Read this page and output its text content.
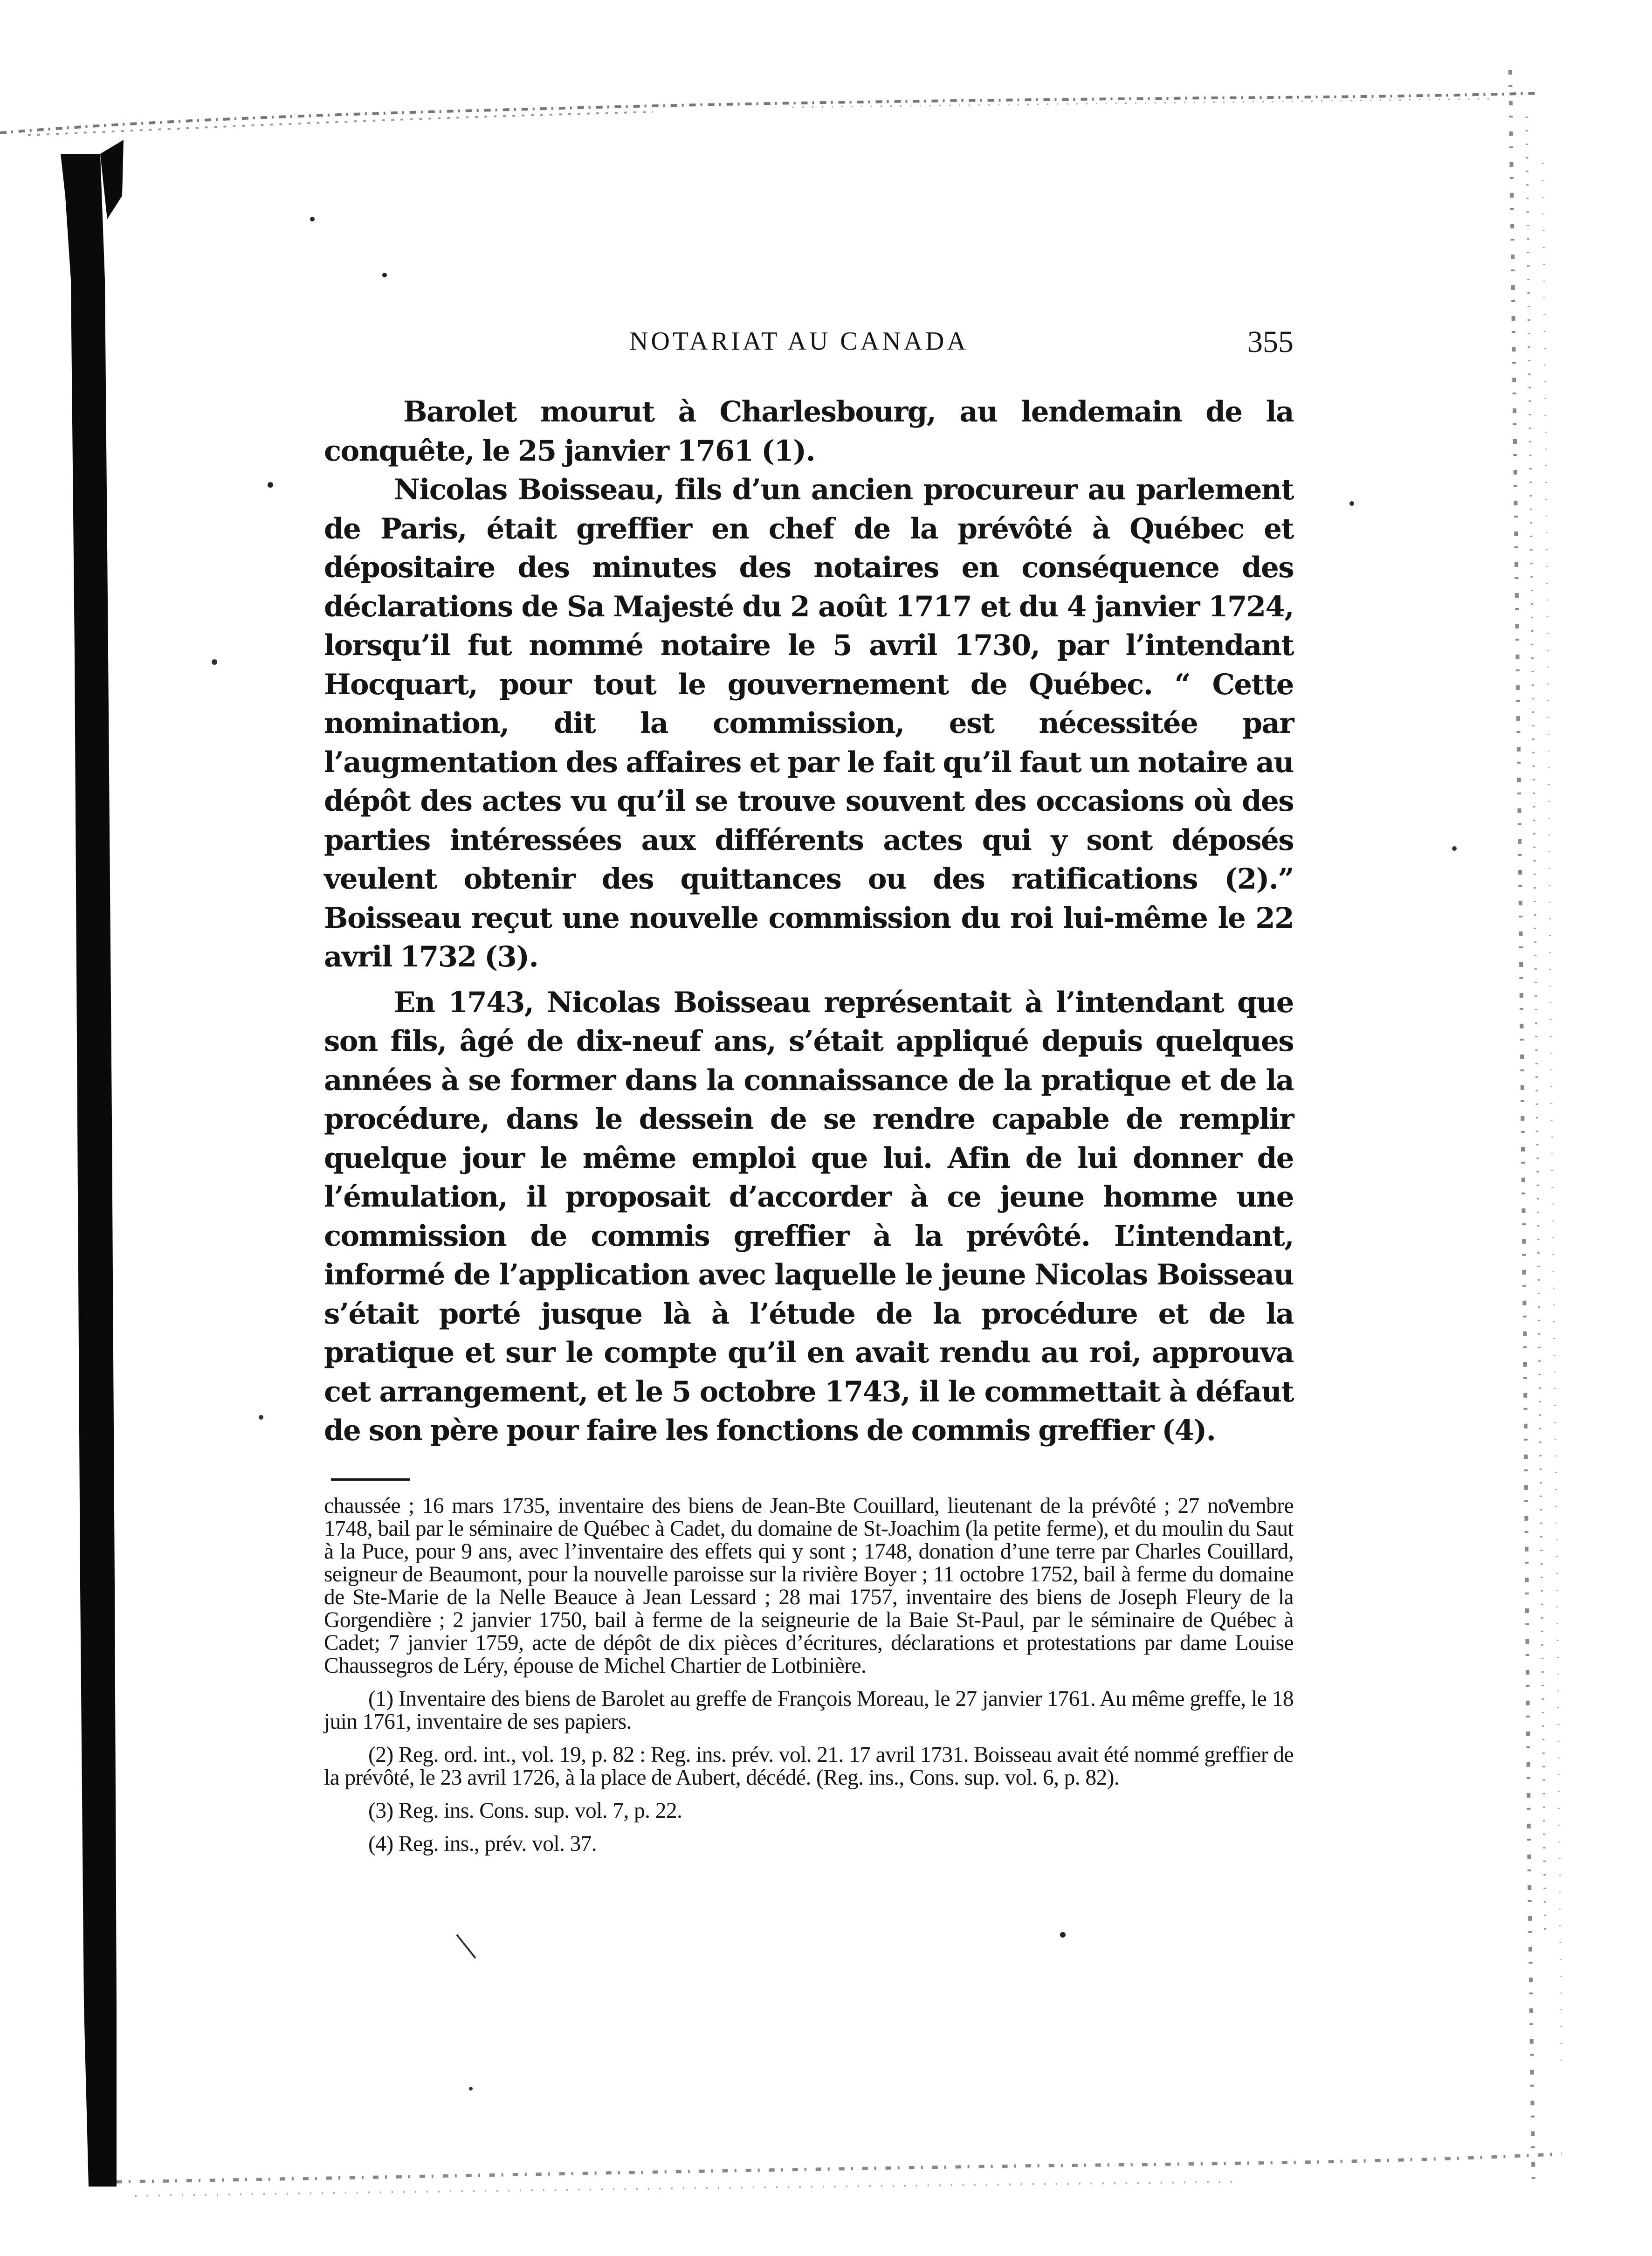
NOTARIAT AU CANADA	355

Barolet mourut à Charlesbourg, au lendemain de la conquête, le 25 janvier 1761 (1).

Nicolas Boisseau, fils d’un ancien procureur au parlement de Paris, était greffier en chef de la prévôté à Québec et dépositaire des minutes des notaires en conséquence des déclarations de Sa Majesté du 2 août 1717 et du 4 janvier 1724, lorsqu’il fut nommé notaire le 5 avril 1730, par l’intendant Hocquart, pour tout le gouvernement de Québec. “ Cette nomination, dit la commission, est nécessitée par l’augmentation des affaires et par le fait qu’il faut un notaire au dépôt des actes vu qu’il se trouve souvent des occasions où des parties intéressées aux différents actes qui y sont déposés veulent obtenir des quittances ou des ratifications (2).” Boisseau reçut une nouvelle commission du roi lui-même le 22 avril 1732 (3).

En 1743, Nicolas Boisseau représentait à l’intendant que son fils, âgé de dix-neuf ans, s’était appliqué depuis quelques années à se former dans la connaissance de la pratique et de la procédure, dans le dessein de se rendre capable de remplir quelque jour le même emploi que lui. Afin de lui donner de l’émulation, il proposait d’accorder à ce jeune homme une commission de commis greffier à la prévôté. L’intendant, informé de l’application avec laquelle le jeune Nicolas Boisseau s’était porté jusque là à l’étude de la procédure et de la pratique et sur le compte qu’il en avait rendu au roi, approuva cet arrangement, et le 5 octobre 1743, il le commettait à défaut de son père pour faire les fonctions de commis greffier (4).

chaussée ; 16 mars 1735, inventaire des biens de Jean-Bte Couillard, lieutenant de la prévôté ; 27 novembre 1748, bail par le séminaire de Québec à Cadet, du domaine de St-Joachim (la petite ferme), et du moulin du Saut à la Puce, pour 9 ans, avec l’inventaire des effets qui y sont ; 1748, donation d’une terre par Charles Couillard, seigneur de Beaumont, pour la nouvelle paroisse sur la rivière Boyer ; 11 octobre 1752, bail à ferme du domaine de Ste-Marie de la Nelle Beauce à Jean Lessard ; 28 mai 1757, inventaire des biens de Joseph Fleury de la Gorgendière ; 2 janvier 1750, bail à ferme de la seigneurie de la Baie St-Paul, par le séminaire de Québec à Cadet; 7 janvier 1759, acte de dépôt de dix pièces d’écritures, déclarations et protestations par dame Louise Chaussegros de Léry, épouse de Michel Chartier de Lotbinière.

(1) Inventaire des biens de Barolet au greffe de François Moreau, le 27 janvier 1761. Au même greffe, le 18 juin 1761, inventaire de ses papiers.

(2) Reg. ord. int., vol. 19, p. 82 : Reg. ins. prév. vol. 21. 17 avril 1731. Boisseau avait été nommé greffier de la prévôté, le 23 avril 1726, à la place de Aubert, décédé. (Reg. ins., Cons. sup. vol. 6, p. 82).

(3) Reg. ins. Cons. sup. vol. 7, p. 22.

(4) Reg. ins., prév. vol. 37.
